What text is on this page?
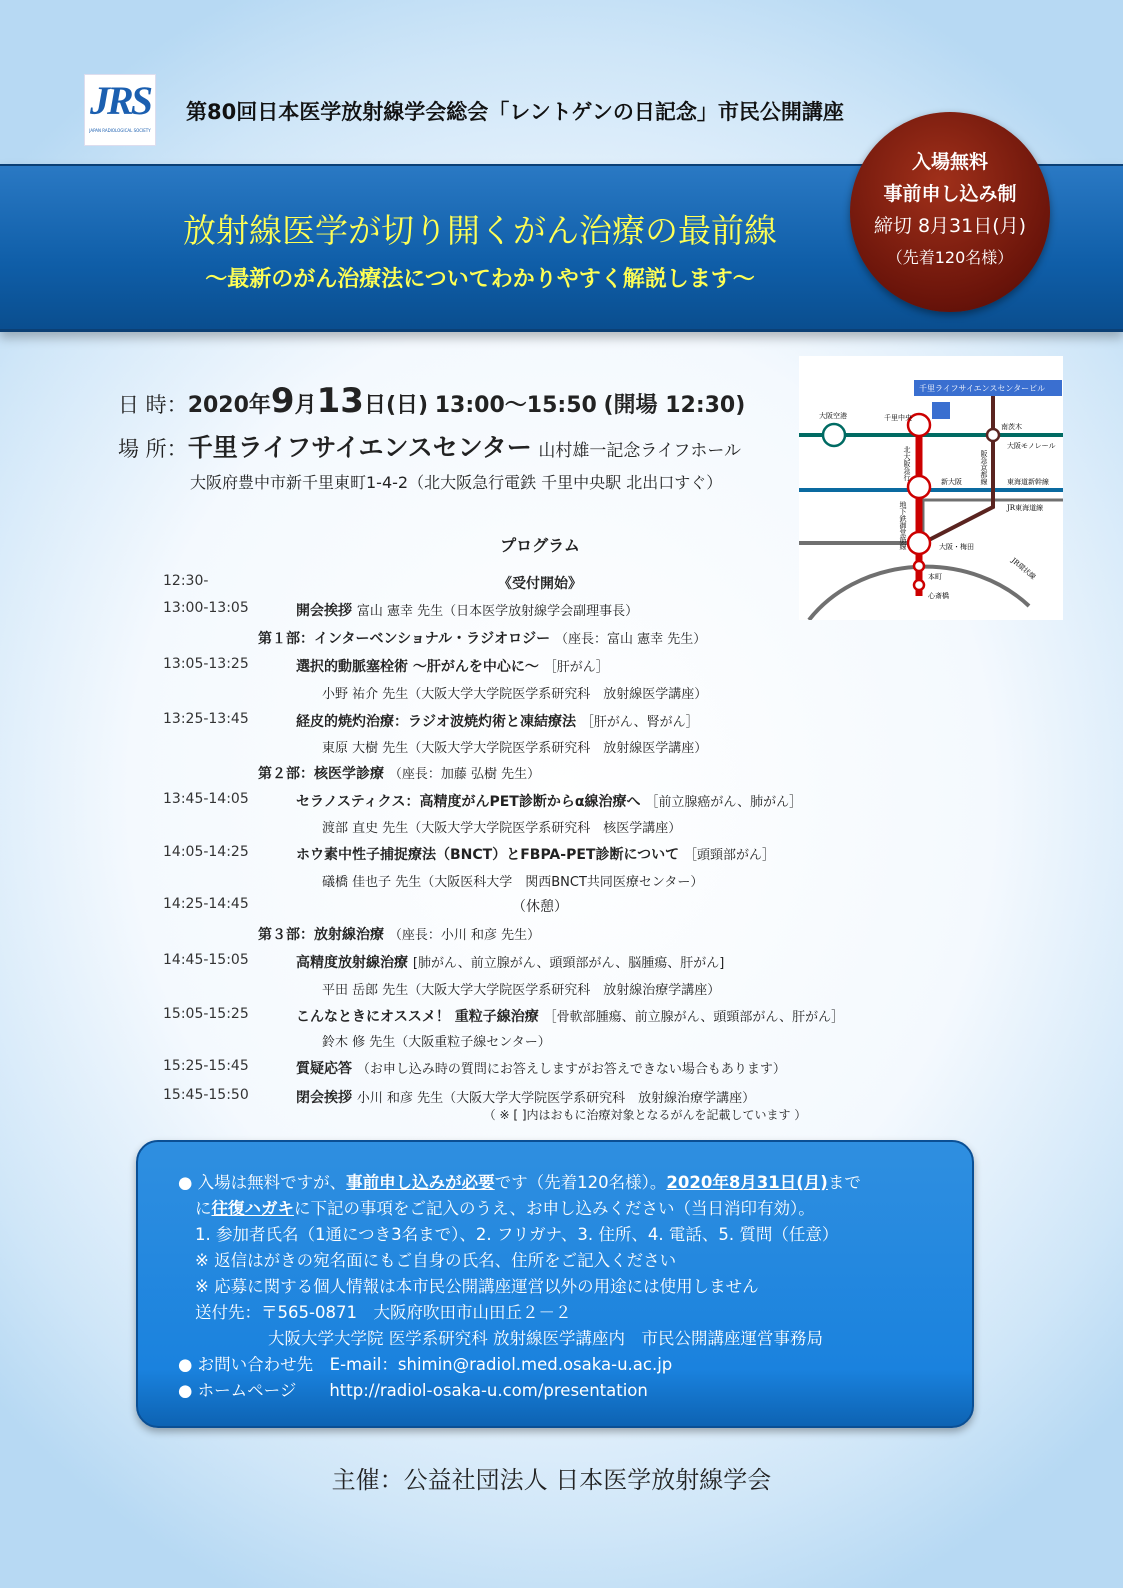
JRS
JAPAN RADIOLOGICAL SOCIETY
第80回日本医学放射線学会総会「レントゲンの日記念」市民公開講座
放射線医学が切り開くがん治療の最前線
～最新のがん治療法についてわかりやすく解説します～
入場無料
事前申し込み制
締切 8月31日(月)
（先着120名様）
日 時：2020年9月13日(日) 13:00～15:50 (開場 12:30)
場 所：千里ライフサイエンスセンター 山村雄一記念ライフホール
大阪府豊中市新千里東町1-4-2（北大阪急行電鉄 千里中央駅 北出口すぐ）
千里ライフサイエンスセンタービル
大阪空港	千里中央
南茨木
新大阪
大阪・梅田
本町
心斎橋
大阪モノレール
東海道新幹線
JR東海道線
JR環状線
北大阪急行
地下鉄御堂筋線
阪急京都線
プログラム
12:30-	《受付開始》
13:00-13:05	開会挨拶 富山 憲幸 先生（日本医学放射線学会副理事長）
第１部：インターベンショナル・ラジオロジー （座長：富山 憲幸 先生）
13:05-13:25	選択的動脈塞栓術 ～肝がんを中心に～ ［肝がん］
小野 祐介 先生（大阪大学大学院医学系研究科　放射線医学講座）
13:25-13:45	経皮的焼灼治療：ラジオ波焼灼術と凍結療法 ［肝がん、腎がん］
東原 大樹 先生（大阪大学大学院医学系研究科　放射線医学講座）
第２部：核医学診療 （座長：加藤 弘樹 先生）
13:45-14:05	セラノスティクス：高精度がんPET診断からα線治療へ ［前立腺癌がん、肺がん］
渡部 直史 先生（大阪大学大学院医学系研究科　核医学講座）
14:05-14:25	ホウ素中性子捕捉療法（BNCT）とFBPA-PET診断について ［頭頸部がん］
礒橋 佳也子 先生（大阪医科大学　関西BNCT共同医療センター）
14:25-14:45	（休憩）
第３部：放射線治療 （座長：小川 和彦 先生）
14:45-15:05	高精度放射線治療 [肺がん、前立腺がん、頭頸部がん、脳腫瘍、肝がん]
平田 岳郎 先生（大阪大学大学院医学系研究科　放射線治療学講座）
15:05-15:25	こんなときにオススメ！ 重粒子線治療 ［骨軟部腫瘍、前立腺がん、頭頸部がん、肝がん］
鈴木 修 先生（大阪重粒子線センター）
15:25-15:45	質疑応答 （お申し込み時の質問にお答えしますがお答えできない場合もあります）
15:45-15:50	閉会挨拶 小川 和彦 先生（大阪大学大学院医学系研究科　放射線治療学講座）
（ ※ [ ]内はおもに治療対象となるがんを記載しています ）
● 入場は無料ですが、事前申し込みが必要です（先着120名様）。2020年8月31日(月)まで
に往復ハガキに下記の事項をご記入のうえ、お申し込みください（当日消印有効）。
1. 参加者氏名（1通につき3名まで）、2. フリガナ、3. 住所、4. 電話、5. 質問（任意）
※ 返信はがきの宛名面にもご自身の氏名、住所をご記入ください
※ 応募に関する個人情報は本市民公開講座運営以外の用途には使用しません
送付先：〒565-0871　大阪府吹田市山田丘２－２
大阪大学大学院 医学系研究科 放射線医学講座内　市民公開講座運営事務局
● お問い合わせ先　E-mail：shimin@radiol.med.osaka-u.ac.jp
● ホームページ　　http://radiol-osaka-u.com/presentation
主催：公益社団法人 日本医学放射線学会
